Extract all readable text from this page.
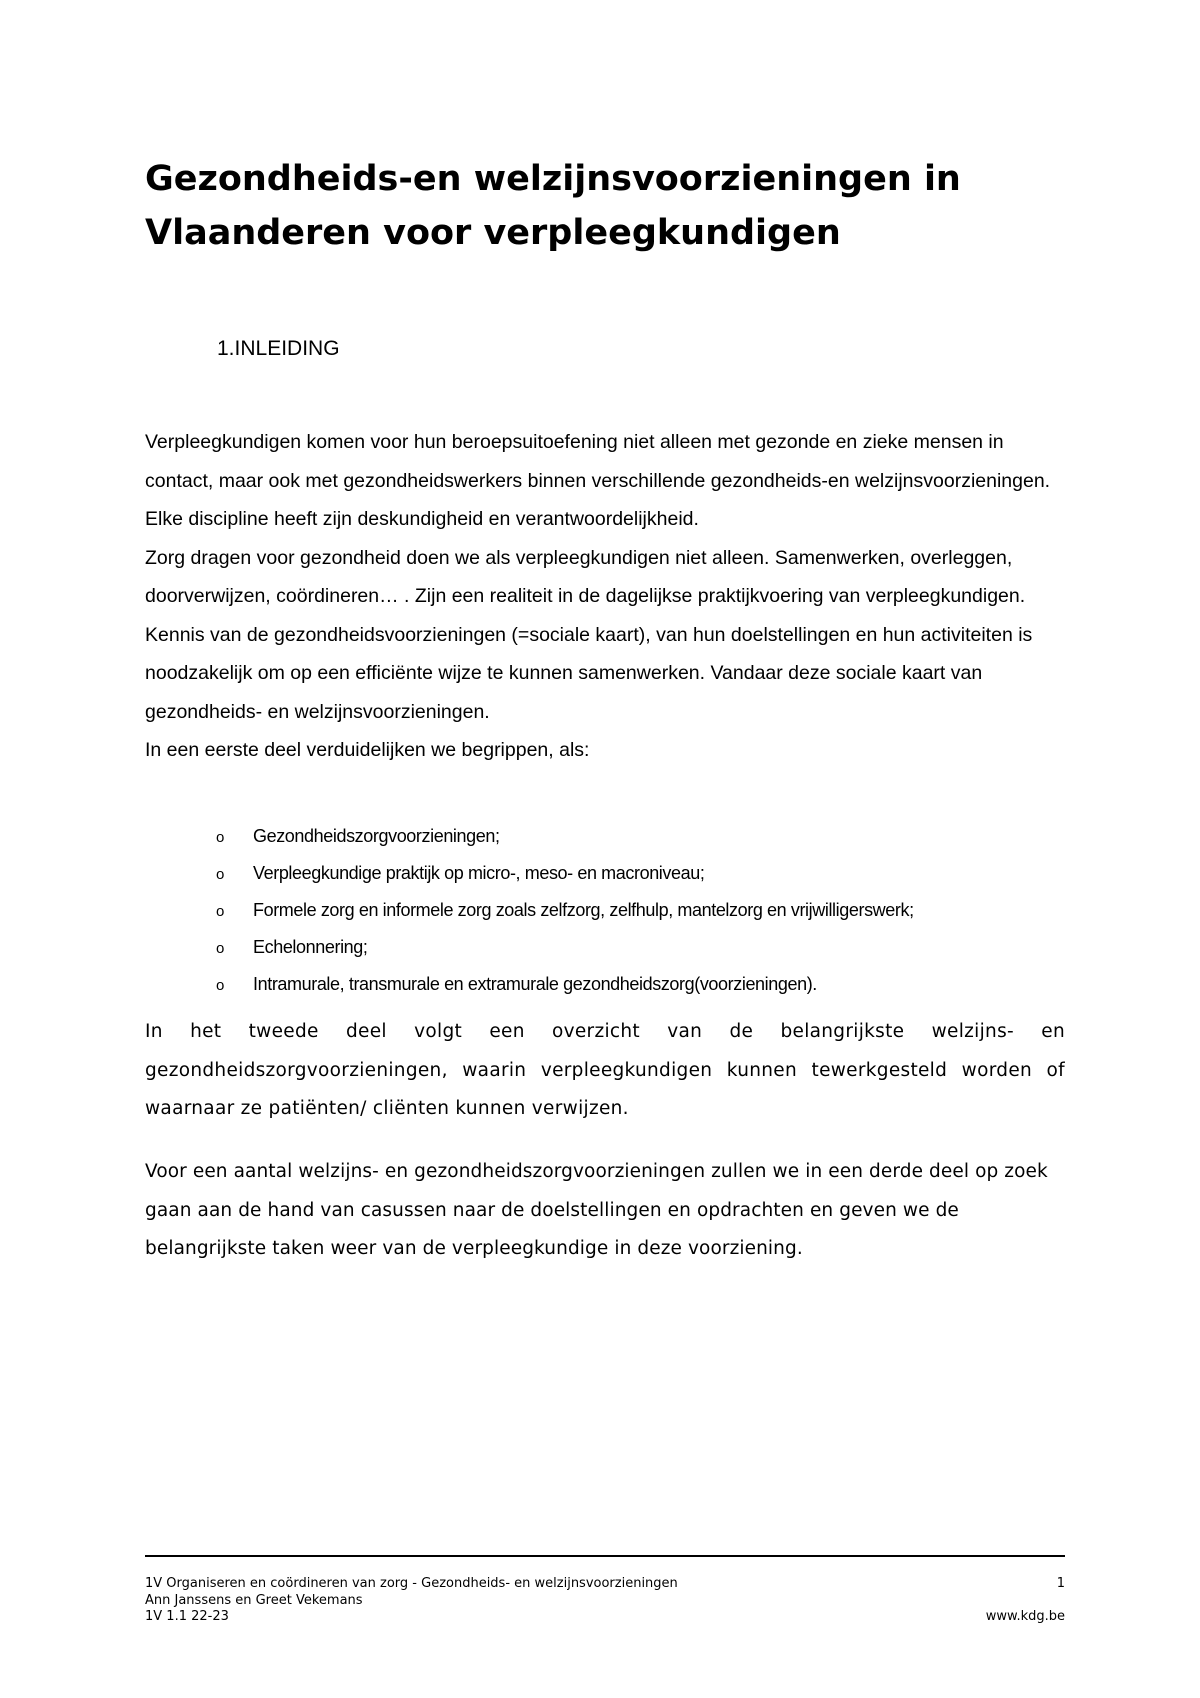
Gezondheids-en welzijnsvoorzieningen in
Vlaanderen voor verpleegkundigen
1.INLEIDING

Verpleegkundigen komen voor hun beroepsuitoefening niet alleen met gezonde en zieke mensen in contact, maar ook met gezondheidswerkers binnen verschillende gezondheids-en welzijnsvoorzieningen. Elke discipline heeft zijn deskundigheid en verantwoordelijkheid.

Zorg dragen voor gezondheid doen we als verpleegkundigen niet alleen. Samenwerken, overleggen, doorverwijzen, coördineren… . Zijn een realiteit in de dagelijkse praktijkvoering van verpleegkundigen.

Kennis van de gezondheidsvoorzieningen (=sociale kaart), van hun doelstellingen en hun activiteiten is noodzakelijk om op een efficiënte wijze te kunnen samenwerken. Vandaar deze sociale kaart van gezondheids- en welzijnsvoorzieningen.

In een eerste deel verduidelijken we begrippen, als:

o Gezondheidszorgvoorzieningen;
o Verpleegkundige praktijk op micro-, meso- en macroniveau;
o Formele zorg en informele zorg zoals zelfzorg, zelfhulp, mantelzorg en vrijwilligerswerk;
o Echelonnering;
o Intramurale, transmurale en extramurale gezondheidszorg(voorzieningen).

In het tweede deel volgt een overzicht van de belangrijkste welzijns- en gezondheidszorgvoorzieningen, waarin verpleegkundigen kunnen tewerkgesteld worden of waarnaar ze patiënten/ cliënten kunnen verwijzen.

Voor een aantal welzijns- en gezondheidszorgvoorzieningen zullen we in een derde deel op zoek gaan aan de hand van casussen naar de doelstellingen en opdrachten en geven we de belangrijkste taken weer van de verpleegkundige in deze voorziening.

1V Organiseren en coördineren van zorg - Gezondheids- en welzijnsvoorzieningen	1
Ann Janssens en Greet Vekemans
1V 1.1 22-23	www.kdg.be
